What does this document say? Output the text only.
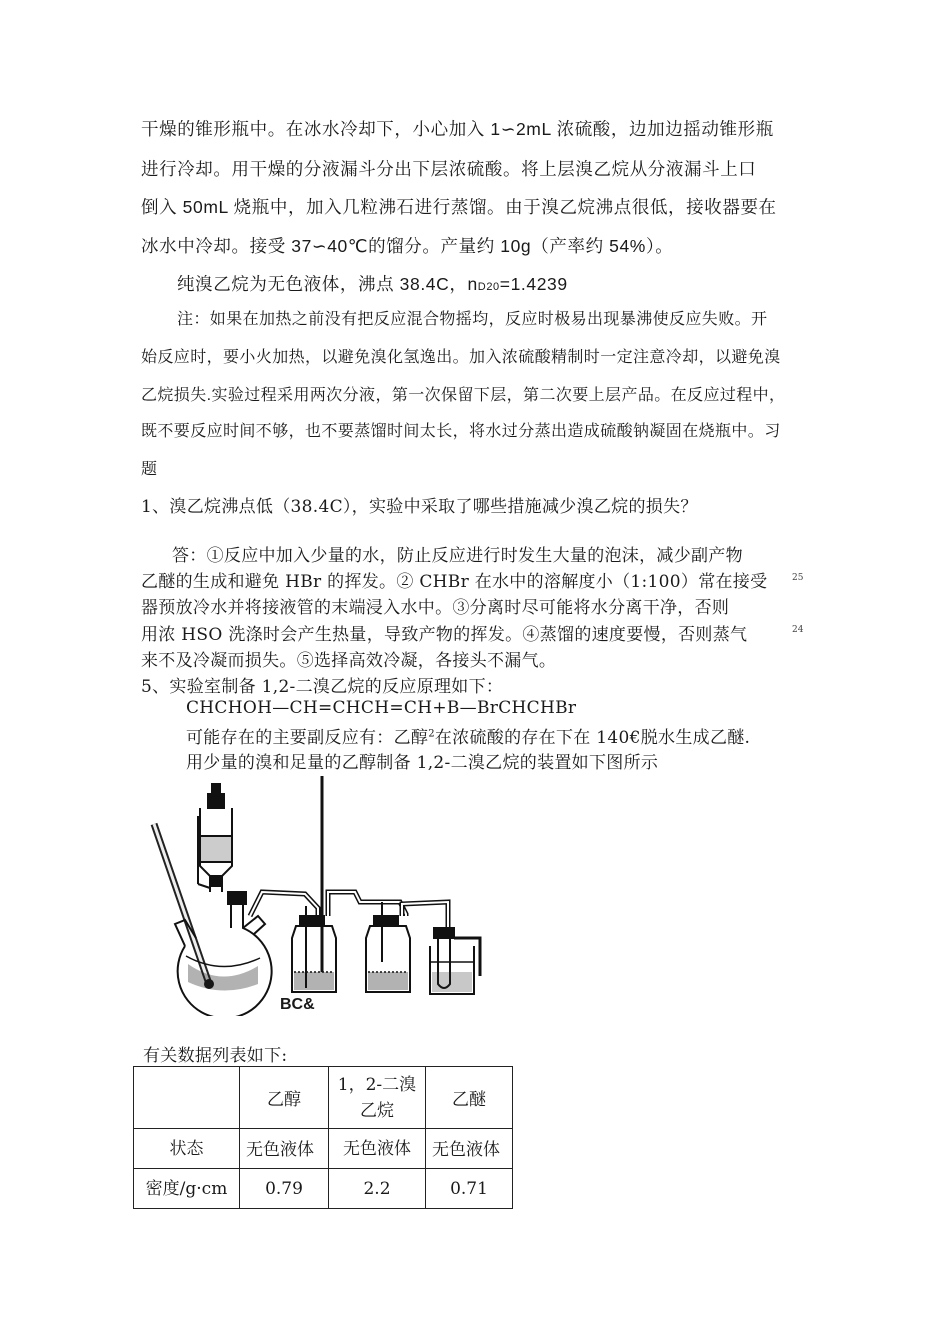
干燥的锥形瓶中。在冰水冷却下，小心加入 1∽2mL 浓硫酸，边加边摇动锥形瓶
进行冷却。用干燥的分液漏斗分出下层浓硫酸。将上层溴乙烷从分液漏斗上口
倒入 50mL 烧瓶中，加入几粒沸石进行蒸馏。由于溴乙烷沸点很低，接收器要在
冰水中冷却。接受 37∽40℃的馏分。产量约 10g（产率约 54%）。
纯溴乙烷为无色液体，沸点 38.4C，nD20=1.4239
注：如果在加热之前没有把反应混合物摇均，反应时极易出现暴沸使反应失败。开
始反应时，要小火加热，以避免溴化氢逸出。加入浓硫酸精制时一定注意冷却，以避免溴
乙烷损失.实验过程采用两次分液，第一次保留下层，第二次要上层产品。在反应过程中，
既不要反应时间不够，也不要蒸馏时间太长，将水过分蒸出造成硫酸钠凝固在烧瓶中。习
题
1、溴乙烷沸点低（38.4C），实验中采取了哪些措施减少溴乙烷的损失？
答：①反应中加入少量的水，防止反应进行时发生大量的泡沫，减少副产物
乙醚的生成和避免 HBr 的挥发。② CHBr 在水中的溶解度小（1:100）常在接受
器预放冷水并将接液管的末端浸入水中。③分离时尽可能将水分离干净，否则
用浓 HSO 洗涤时会产生热量，导致产物的挥发。④蒸馏的速度要慢，否则蒸气
来不及冷凝而损失。⑤选择高效冷凝，各接头不漏气。
25
24
5、实验室制备 1,2-二溴乙烷的反应原理如下：
CHCHOH—CH=CHCH=CH+B—BrCHCHBr
可能存在的主要副反应有：乙醇$^2$在浓硫酸的存在下在 140€脱水生成乙醚.
用少量的溴和足量的乙醇制备 1,2-二溴乙烷的装置如下图所示
BC&
有关数据列表如下:
	乙醇	1，2-二溴
乙烷	乙醚

状态	无色液体	无色液体	无色液体

密度/g·cm	0.79	2.2	0.71
